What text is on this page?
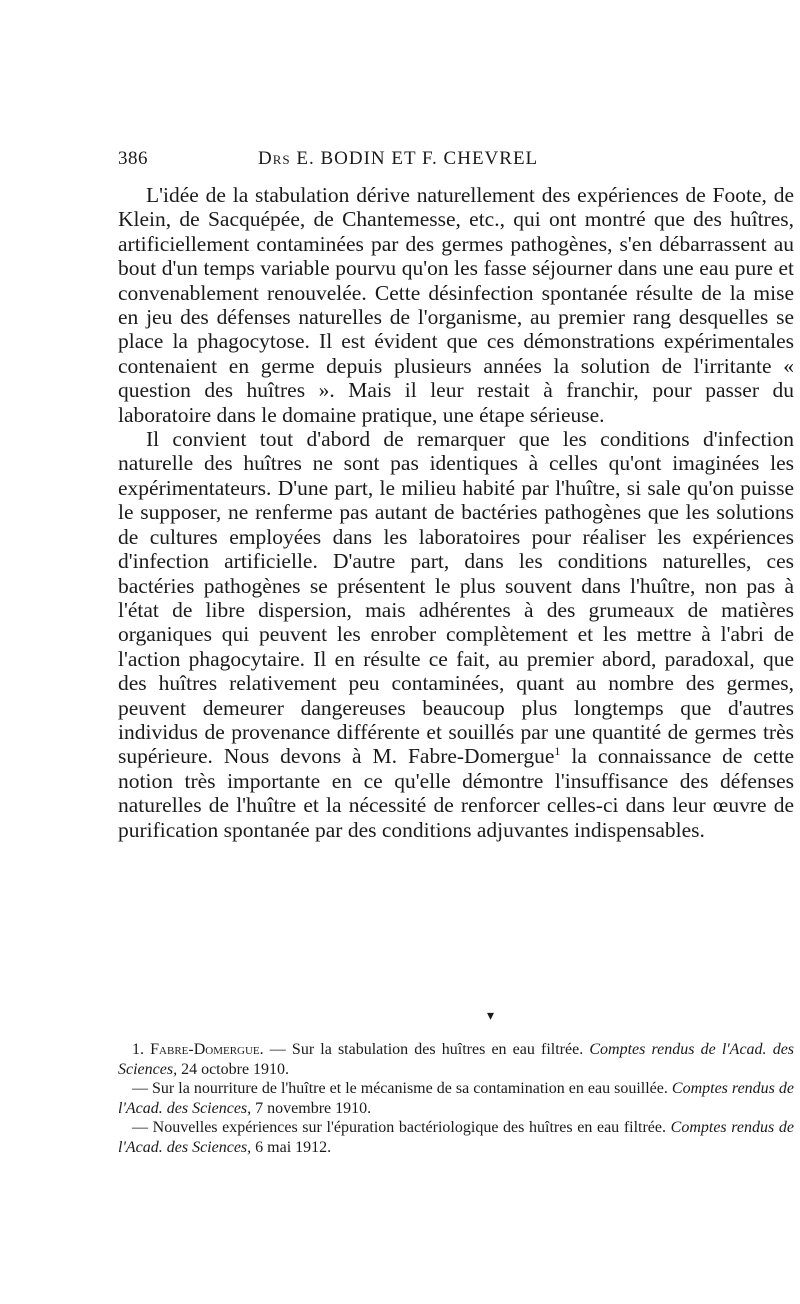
386	Drs E. BODIN ET F. CHEVREL

L'idée de la stabulation dérive naturellement des expériences de Foote, de Klein, de Sacquépée, de Chantemesse, etc., qui ont montré que des huîtres, artificiellement contaminées par des germes pathogènes, s'en débarrassent au bout d'un temps variable pourvu qu'on les fasse séjourner dans une eau pure et convenablement renouvelée. Cette désinfection spontanée résulte de la mise en jeu des défenses naturelles de l'organisme, au premier rang desquelles se place la phagocytose. Il est évident que ces démonstrations expérimentales contenaient en germe depuis plusieurs années la solution de l'irritante « question des huîtres ». Mais il leur restait à franchir, pour passer du laboratoire dans le domaine pratique, une étape sérieuse.

Il convient tout d'abord de remarquer que les conditions d'infection naturelle des huîtres ne sont pas identiques à celles qu'ont imaginées les expérimentateurs. D'une part, le milieu habité par l'huître, si sale qu'on puisse le supposer, ne renferme pas autant de bactéries pathogènes que les solutions de cultures employées dans les laboratoires pour réaliser les expériences d'infection artificielle. D'autre part, dans les conditions naturelles, ces bactéries pathogènes se présentent le plus souvent dans l'huître, non pas à l'état de libre dispersion, mais adhérentes à des grumeaux de matières organiques qui peuvent les enrober complètement et les mettre à l'abri de l'action phagocytaire. Il en résulte ce fait, au premier abord, paradoxal, que des huîtres relativement peu contaminées, quant au nombre des germes, peuvent demeurer dangereuses beaucoup plus longtemps que d'autres individus de provenance différente et souillés par une quantité de germes très supérieure. Nous devons à M. Fabre-Domergue$^1$ la connaissance de cette notion très importante en ce qu'elle démontre l'insuffisance des défenses naturelles de l'huître et la nécessité de renforcer celles-ci dans leur œuvre de purification spontanée par des conditions adjuvantes indispensables.

▾

1. Fabre-Domergue. — Sur la stabulation des huîtres en eau filtrée. Comptes rendus de l'Acad. des Sciences, 24 octobre 1910.

— Sur la nourriture de l'huître et le mécanisme de sa contamination en eau souillée. Comptes rendus de l'Acad. des Sciences, 7 novembre 1910.

— Nouvelles expériences sur l'épuration bactériologique des huîtres en eau filtrée. Comptes rendus de l'Acad. des Sciences, 6 mai 1912.
